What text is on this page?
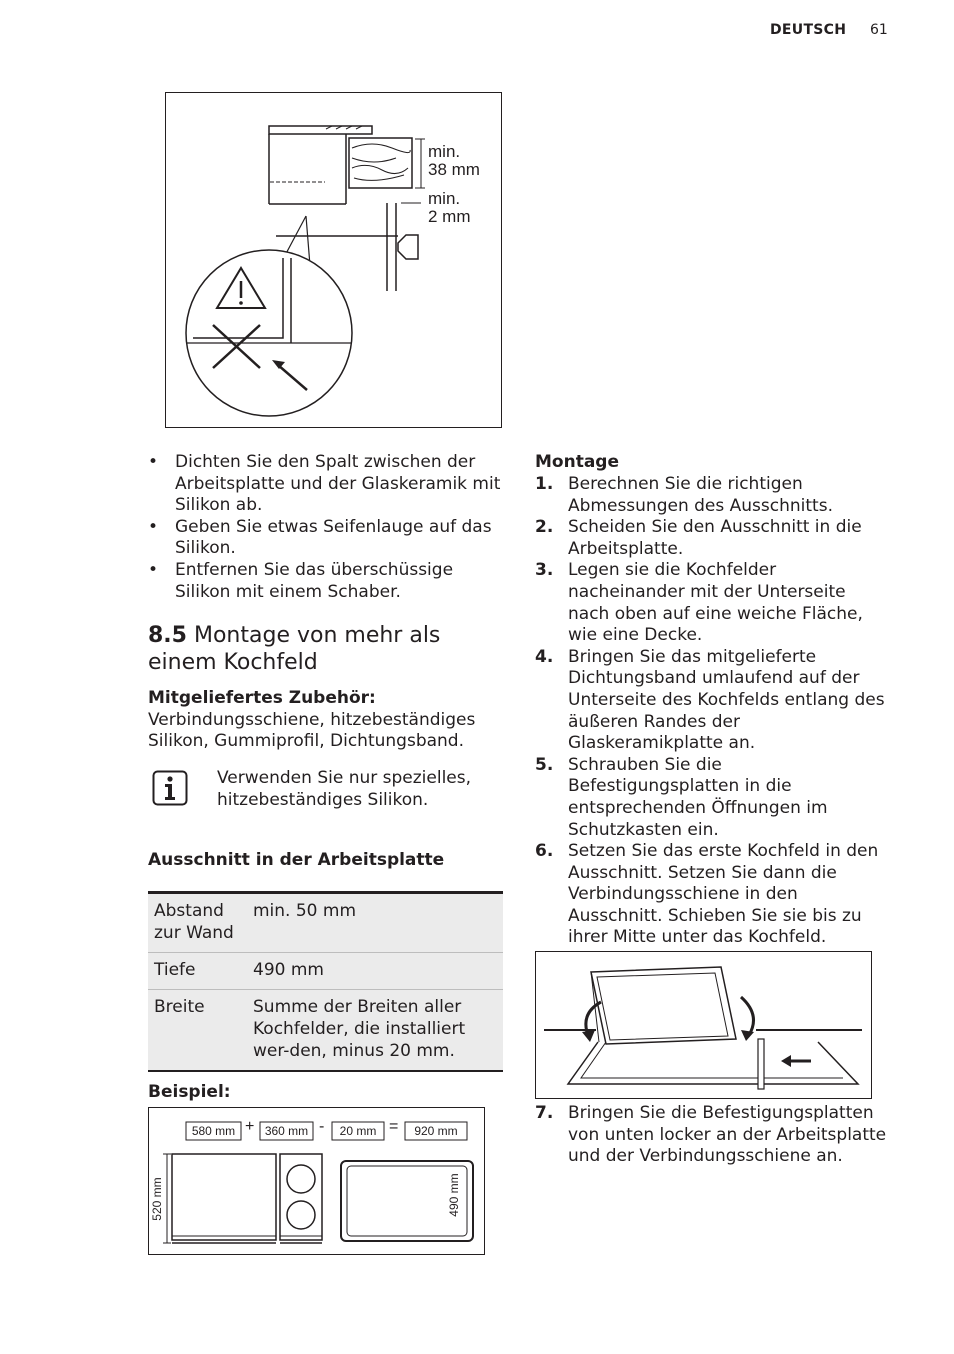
DEUTSCH 61
min.
38 mm
min.
2 mm
• Dichten Sie den Spalt zwischen der Arbeitsplatte und der Glaskeramik mit Silikon ab.
• Geben Sie etwas Seifenlauge auf das Silikon.
• Entfernen Sie das überschüssige Silikon mit einem Schaber.
8.5 Montage von mehr als einem Kochfeld
Mitgeliefertes Zubehör:
Verbindungsschiene, hitzebeständiges Silikon, Gummiprofil, Dichtungsband.
Verwenden Sie nur spezielles, hitzebeständiges Silikon.
Ausschnitt in der Arbeitsplatte
Abstand zur Wand	min. 50 mm
Tiefe	490 mm
Breite	Summe der Breiten aller Kochfelder, die installiert wer-den, minus 20 mm.
Beispiel:
580 mm + 360 mm -	20 mm =	920 mm
520 mm	490 mm
Montage
1. Berechnen Sie die richtigen Abmessungen des Ausschnitts.
2. Scheiden Sie den Ausschnitt in die Arbeitsplatte.
3. Legen sie die Kochfelder nacheinander mit der Unterseite nach oben auf eine weiche Fläche, wie eine Decke.
4. Bringen Sie das mitgelieferte Dichtungsband umlaufend auf der Unterseite des Kochfelds entlang des äußeren Randes der Glaskeramikplatte an.
5. Schrauben Sie die Befestigungsplatten in die entsprechenden Öffnungen im Schutzkasten ein.
6. Setzen Sie das erste Kochfeld in den Ausschnitt. Setzen Sie dann die Verbindungsschiene in den Ausschnitt. Schieben Sie sie bis zu ihrer Mitte unter das Kochfeld.
7. Bringen Sie die Befestigungsplatten von unten locker an der Arbeitsplatte und der Verbindungsschiene an.
